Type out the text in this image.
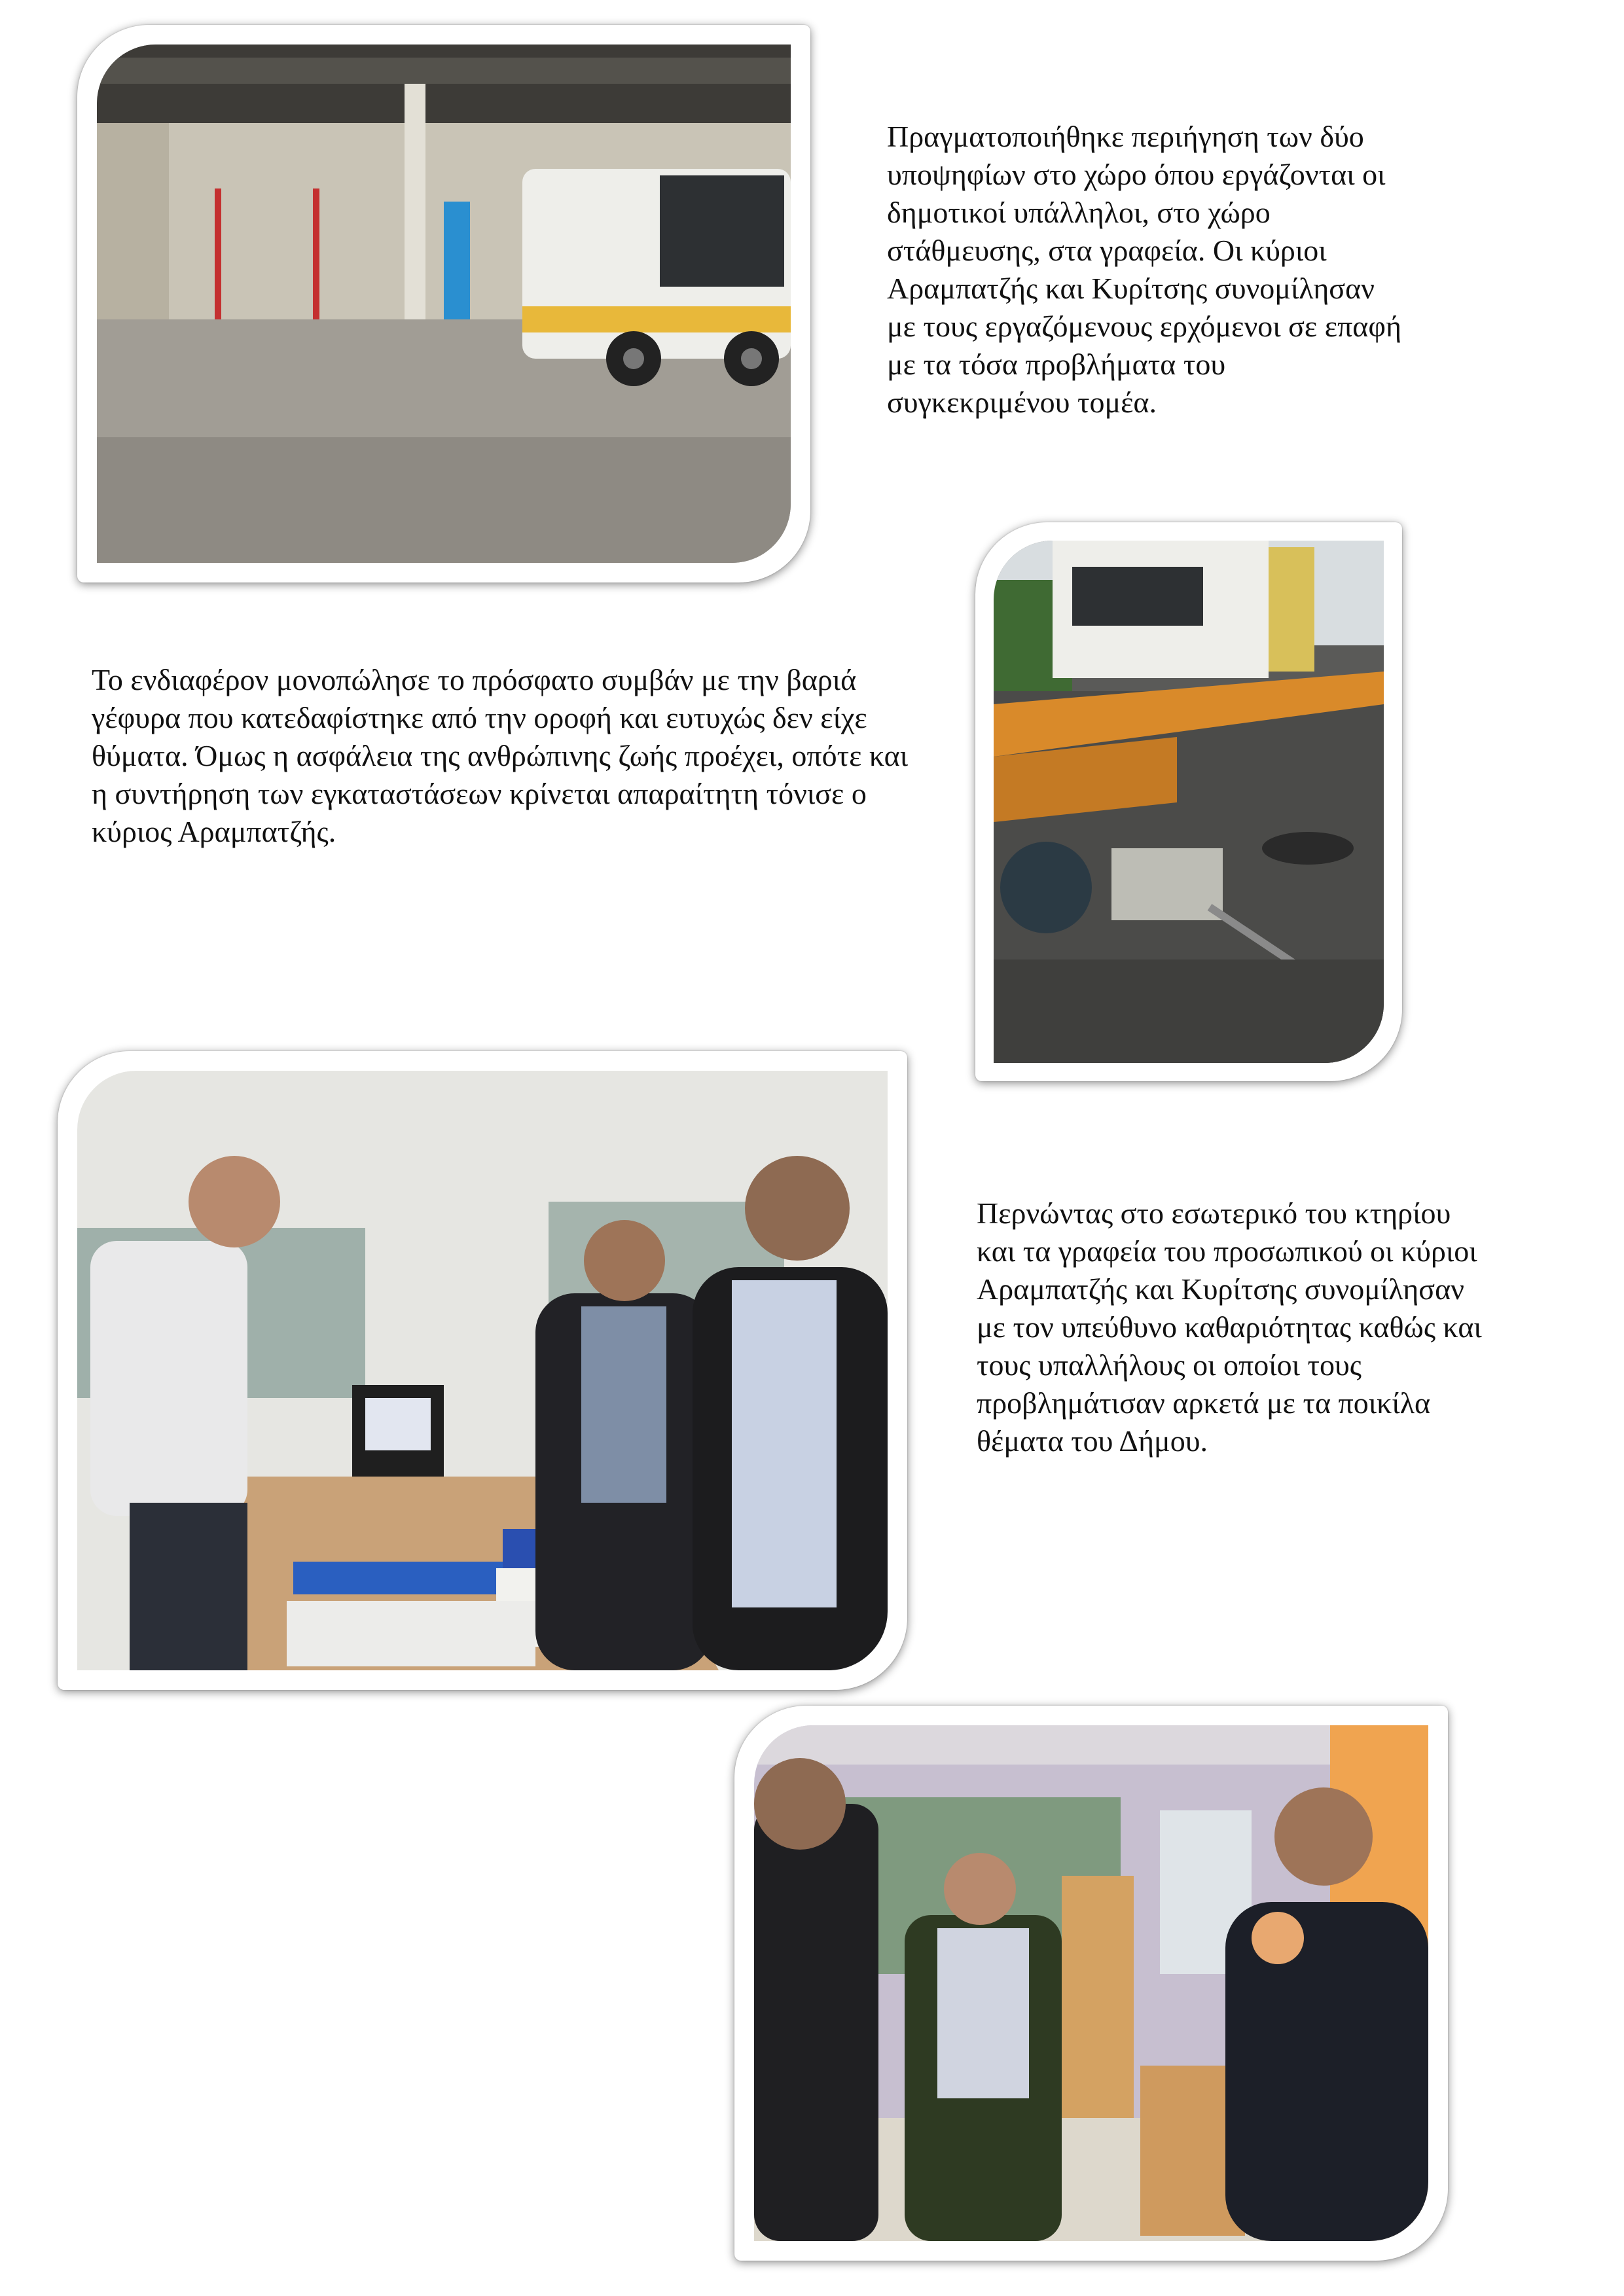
Πραγματοποιήθηκε περιήγηση των δύο υποψηφίων στο χώρο όπου εργάζονται οι δημοτικοί υπάλληλοι, στο χώρο στάθμευσης, στα γραφεία. Οι κύριοι Αραμπατζής και Κυρίτσης συνομίλησαν με τους εργαζόμενους ερχόμενοι σε επαφή με τα τόσα προβλήματα του συγκεκριμένου τομέα.

Το ενδιαφέρον μονοπώλησε το πρόσφατο συμβάν με την βαριά γέφυρα που κατεδαφίστηκε από την οροφή και ευτυχώς δεν είχε θύματα. Όμως η ασφάλεια της ανθρώπινης ζωής προέχει, οπότε και η συντήρηση των εγκαταστάσεων κρίνεται απαραίτητη τόνισε ο κύριος Αραμπατζής.

Περνώντας στο εσωτερικό του κτηρίου και τα γραφεία του προσωπικού οι κύριοι Αραμπατζής και Κυρίτσης συνομίλησαν με τον υπεύθυνο καθαριότητας καθώς και τους υπαλλήλους οι οποίοι τους προβλημάτισαν αρκετά με τα ποικίλα θέματα του Δήμου.
